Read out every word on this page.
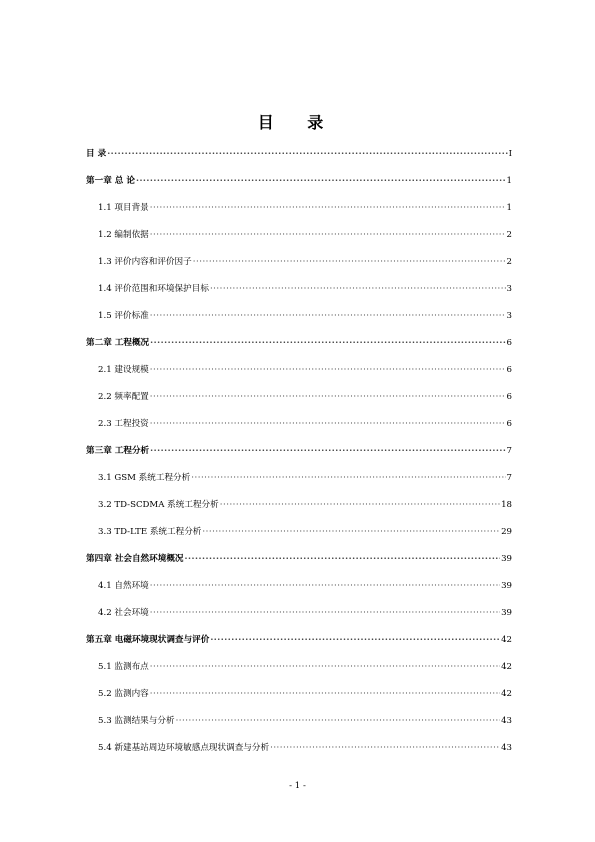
目 录
目 录 ·····	I
第一章 总 论 ·····	1
1.1 项目背景 ·····	1
1.2 编制依据 ·····	2
1.3 评价内容和评价因子 ·····	2
1.4 评价范围和环境保护目标 ·····	3
1.5 评价标准 ·····	3
第二章 工程概况 ·····	6
2.1 建设规模 ·····	6
2.2 频率配置 ·····	6
2.3 工程投资 ·····	6
第三章 工程分析 ·····	7
3.1 GSM 系统工程分析 ·····	7
3.2 TD-SCDMA 系统工程分析 ·····	18
3.3 TD-LTE 系统工程分析 ·····	29
第四章 社会自然环境概况 ·····	39
4.1 自然环境 ·····	39
4.2 社会环境 ·····	39
第五章 电磁环境现状调查与评价 ·····	42
5.1 监测布点 ·····	42
5.2 监测内容 ·····	42
5.3 监测结果与分析 ·····	43
5.4 新建基站周边环境敏感点现状调查与分析 ·····	43
- 1 -
